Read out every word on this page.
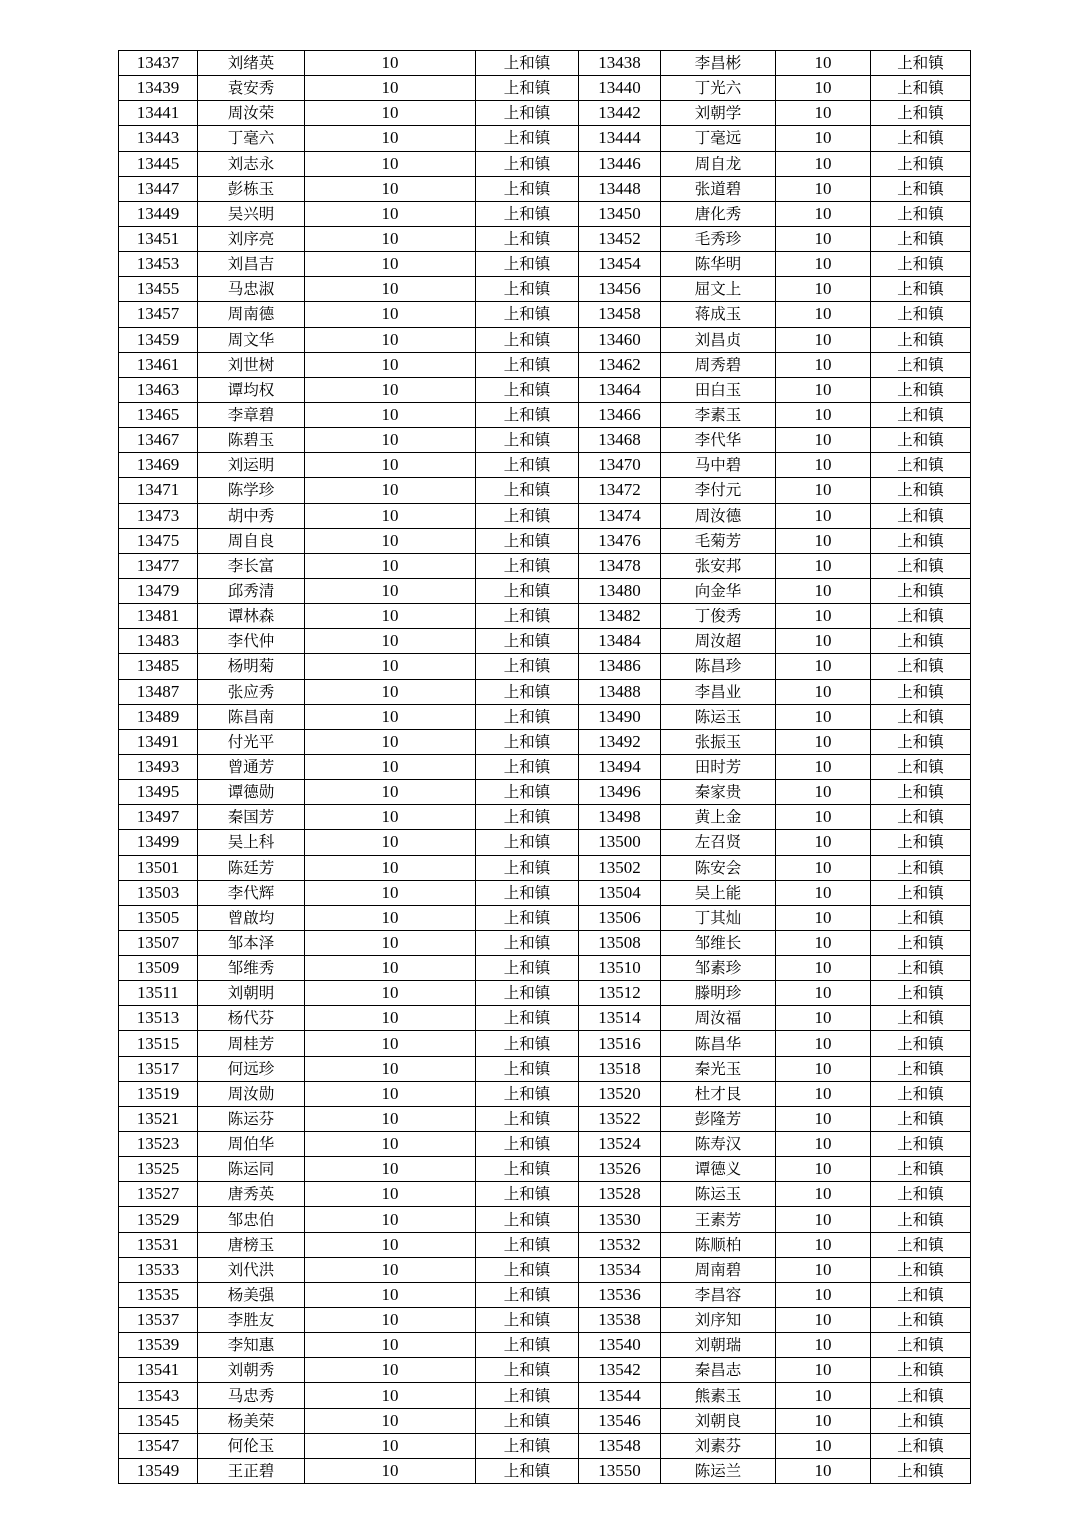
13437	刘绪英	10	上和镇	13438	李昌彬	10	上和镇
13439	袁安秀	10	上和镇	13440	丁光六	10	上和镇
13441	周汝荣	10	上和镇	13442	刘朝学	10	上和镇
13443	丁毫六	10	上和镇	13444	丁毫远	10	上和镇
13445	刘志永	10	上和镇	13446	周自龙	10	上和镇
13447	彭栋玉	10	上和镇	13448	张道碧	10	上和镇
13449	吴兴明	10	上和镇	13450	唐化秀	10	上和镇
13451	刘序亮	10	上和镇	13452	毛秀珍	10	上和镇
13453	刘昌吉	10	上和镇	13454	陈华明	10	上和镇
13455	马忠淑	10	上和镇	13456	屈文上	10	上和镇
13457	周南德	10	上和镇	13458	蒋成玉	10	上和镇
13459	周文华	10	上和镇	13460	刘昌贞	10	上和镇
13461	刘世树	10	上和镇	13462	周秀碧	10	上和镇
13463	谭均权	10	上和镇	13464	田白玉	10	上和镇
13465	李章碧	10	上和镇	13466	李素玉	10	上和镇
13467	陈碧玉	10	上和镇	13468	李代华	10	上和镇
13469	刘运明	10	上和镇	13470	马中碧	10	上和镇
13471	陈学珍	10	上和镇	13472	李付元	10	上和镇
13473	胡中秀	10	上和镇	13474	周汝德	10	上和镇
13475	周自良	10	上和镇	13476	毛菊芳	10	上和镇
13477	李长富	10	上和镇	13478	张安邦	10	上和镇
13479	邱秀清	10	上和镇	13480	向金华	10	上和镇
13481	谭林森	10	上和镇	13482	丁俊秀	10	上和镇
13483	李代仲	10	上和镇	13484	周汝超	10	上和镇
13485	杨明菊	10	上和镇	13486	陈昌珍	10	上和镇
13487	张应秀	10	上和镇	13488	李昌业	10	上和镇
13489	陈昌南	10	上和镇	13490	陈运玉	10	上和镇
13491	付光平	10	上和镇	13492	张振玉	10	上和镇
13493	曾通芳	10	上和镇	13494	田时芳	10	上和镇
13495	谭德勋	10	上和镇	13496	秦家贵	10	上和镇
13497	秦国芳	10	上和镇	13498	黄上金	10	上和镇
13499	吴上科	10	上和镇	13500	左召贤	10	上和镇
13501	陈廷芳	10	上和镇	13502	陈安会	10	上和镇
13503	李代辉	10	上和镇	13504	吴上能	10	上和镇
13505	曾啟均	10	上和镇	13506	丁其灿	10	上和镇
13507	邹本泽	10	上和镇	13508	邹维长	10	上和镇
13509	邹维秀	10	上和镇	13510	邹素珍	10	上和镇
13511	刘朝明	10	上和镇	13512	滕明珍	10	上和镇
13513	杨代芬	10	上和镇	13514	周汝福	10	上和镇
13515	周桂芳	10	上和镇	13516	陈昌华	10	上和镇
13517	何远珍	10	上和镇	13518	秦光玉	10	上和镇
13519	周汝勋	10	上和镇	13520	杜才艮	10	上和镇
13521	陈运芬	10	上和镇	13522	彭隆芳	10	上和镇
13523	周伯华	10	上和镇	13524	陈寿汉	10	上和镇
13525	陈运同	10	上和镇	13526	谭德义	10	上和镇
13527	唐秀英	10	上和镇	13528	陈运玉	10	上和镇
13529	邹忠伯	10	上和镇	13530	王素芳	10	上和镇
13531	唐榜玉	10	上和镇	13532	陈顺柏	10	上和镇
13533	刘代洪	10	上和镇	13534	周南碧	10	上和镇
13535	杨美强	10	上和镇	13536	李昌容	10	上和镇
13537	李胜友	10	上和镇	13538	刘序知	10	上和镇
13539	李知惠	10	上和镇	13540	刘朝瑞	10	上和镇
13541	刘朝秀	10	上和镇	13542	秦昌志	10	上和镇
13543	马忠秀	10	上和镇	13544	熊素玉	10	上和镇
13545	杨美荣	10	上和镇	13546	刘朝良	10	上和镇
13547	何伦玉	10	上和镇	13548	刘素芬	10	上和镇
13549	王正碧	10	上和镇	13550	陈运兰	10	上和镇
